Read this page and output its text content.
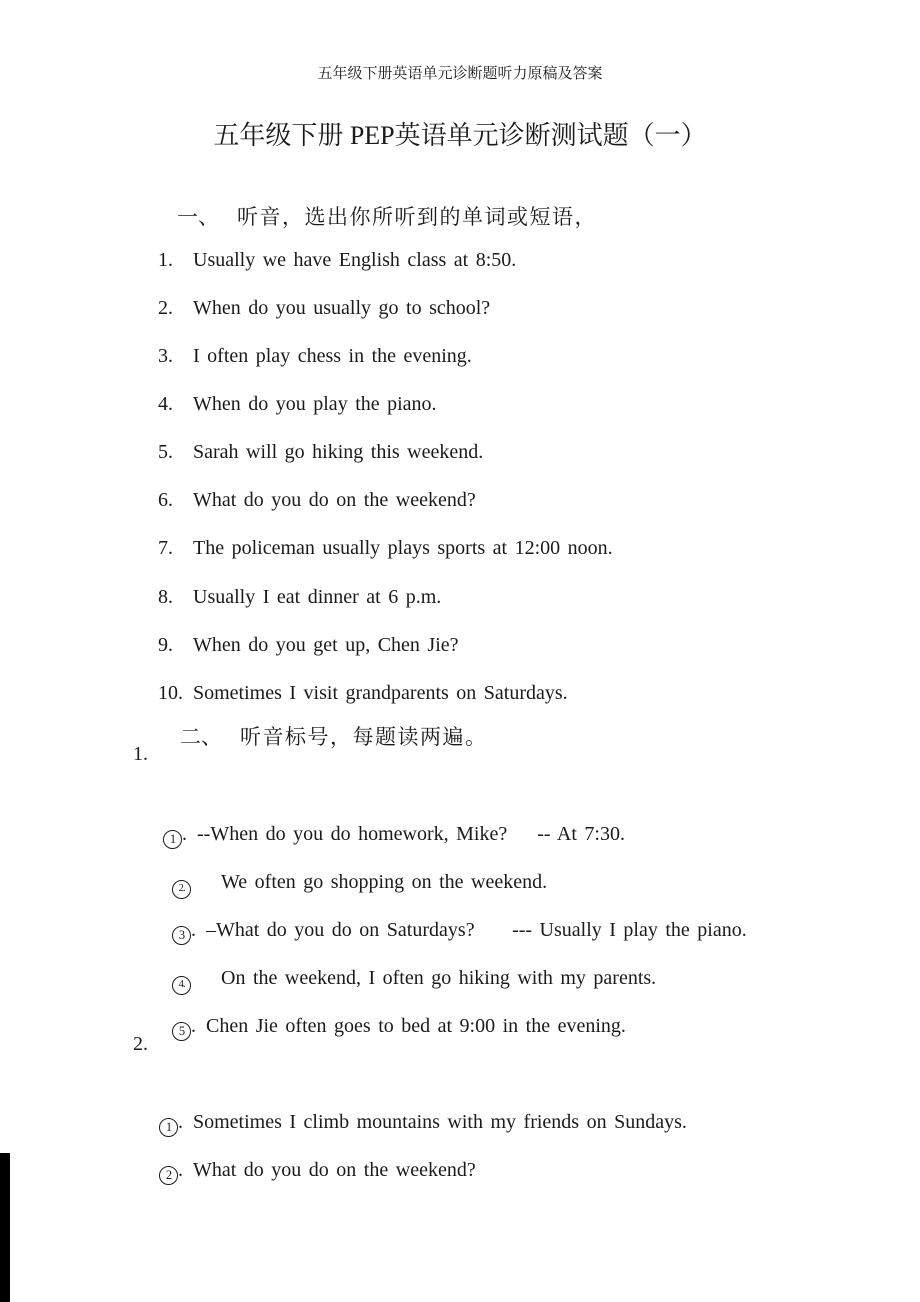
五年级下册英语单元诊断题听力原稿及答案
五年级下册 PEP英语单元诊断测试题（一）

一、 听音，选出你所听到的单词或短语，

1. Usually we have English class at 8:50.

2. When do you usually go to school?

3. I often play chess in the evening.

4. When do you play the piano.

5. Sarah will go hiking this weekend.

6. What do you do on the weekend?

7. The policeman usually plays sports at 12:00 noon.

8. Usually I eat dinner at 6 p.m.

9. When do you get up, Chen Jie?

10. Sometimes I visit grandparents on Saturdays.

二、 听音标号，每题读两遍。

1.

1 .  --When do you do homework, Mike?    -- At 7:30.

2. We often go shopping on the weekend.

3 .  –What do you do on Saturdays?     --- Usually I play the piano.

4. On the weekend, I often go hiking with my parents.

5 .  Chen Jie often goes to bed at 9:00 in the evening.

2.

1 .  Sometimes I climb mountains with my friends on Sundays.

2 .  What do you do on the weekend?
